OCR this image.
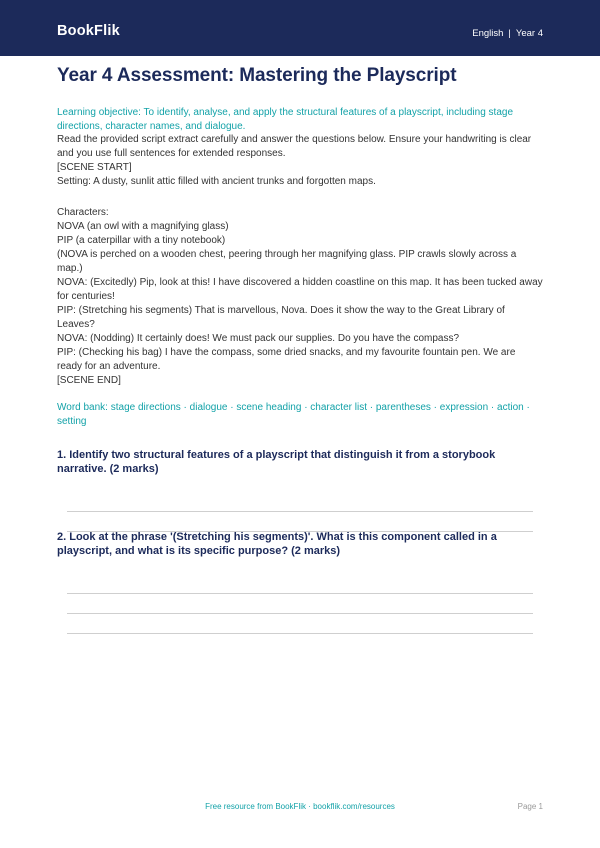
BookFlik	English | Year 4
Year 4 Assessment: Mastering the Playscript

Learning objective: To identify, analyse, and apply the structural features of a playscript, including stage directions, character names, and dialogue.

Read the provided script extract carefully and answer the questions below. Ensure your handwriting is clear and you use full sentences for extended responses.

[SCENE START]

Setting: A dusty, sunlit attic filled with ancient trunks and forgotten maps.

Characters:

NOVA (an owl with a magnifying glass)

PIP (a caterpillar with a tiny notebook)

(NOVA is perched on a wooden chest, peering through her magnifying glass. PIP crawls slowly across a map.)

NOVA: (Excitedly) Pip, look at this! I have discovered a hidden coastline on this map. It has been tucked away for centuries!

PIP: (Stretching his segments) That is marvellous, Nova. Does it show the way to the Great Library of Leaves?

NOVA: (Nodding) It certainly does! We must pack our supplies. Do you have the compass?

PIP: (Checking his bag) I have the compass, some dried snacks, and my favourite fountain pen. We are ready for an adventure.

[SCENE END]

Word bank: stage directions · dialogue · scene heading · character list · parentheses · expression · action · setting

1. Identify two structural features of a playscript that distinguish it from a storybook narrative. (2 marks)

2. Look at the phrase '(Stretching his segments)'. What is this component called in a playscript, and what is its specific purpose? (2 marks)

Free resource from BookFlik · bookflik.com/resources	Page 1
